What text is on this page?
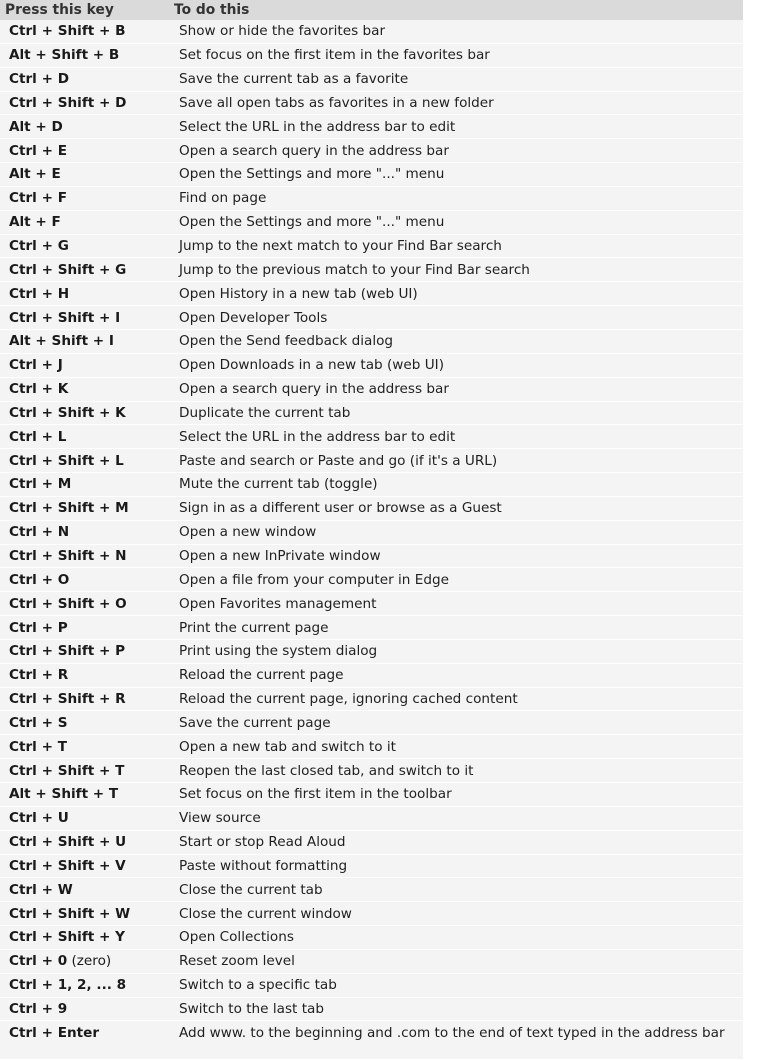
Press this key	To do this
Ctrl + Shift + B	Show or hide the favorites bar
Alt + Shift + B	Set focus on the first item in the favorites bar
Ctrl + D	Save the current tab as a favorite
Ctrl + Shift + D	Save all open tabs as favorites in a new folder
Alt + D	Select the URL in the address bar to edit
Ctrl + E	Open a search query in the address bar
Alt + E	Open the Settings and more "..." menu
Ctrl + F	Find on page
Alt + F	Open the Settings and more "..." menu
Ctrl + G	Jump to the next match to your Find Bar search
Ctrl + Shift + G	Jump to the previous match to your Find Bar search
Ctrl + H	Open History in a new tab (web UI)
Ctrl + Shift + I	Open Developer Tools
Alt + Shift + I	Open the Send feedback dialog
Ctrl + J	Open Downloads in a new tab (web UI)
Ctrl + K	Open a search query in the address bar
Ctrl + Shift + K	Duplicate the current tab
Ctrl + L	Select the URL in the address bar to edit
Ctrl + Shift + L	Paste and search or Paste and go (if it's a URL)
Ctrl + M	Mute the current tab (toggle)
Ctrl + Shift + M	Sign in as a different user or browse as a Guest
Ctrl + N	Open a new window
Ctrl + Shift + N	Open a new InPrivate window
Ctrl + O	Open a file from your computer in Edge
Ctrl + Shift + O	Open Favorites management
Ctrl + P	Print the current page
Ctrl + Shift + P	Print using the system dialog
Ctrl + R	Reload the current page
Ctrl + Shift + R	Reload the current page, ignoring cached content
Ctrl + S	Save the current page
Ctrl + T	Open a new tab and switch to it
Ctrl + Shift + T	Reopen the last closed tab, and switch to it
Alt + Shift + T	Set focus on the first item in the toolbar
Ctrl + U	View source
Ctrl + Shift + U	Start or stop Read Aloud
Ctrl + Shift + V	Paste without formatting
Ctrl + W	Close the current tab
Ctrl + Shift + W	Close the current window
Ctrl + Shift + Y	Open Collections
Ctrl + 0 (zero)	Reset zoom level
Ctrl + 1, 2, ... 8	Switch to a specific tab
Ctrl + 9	Switch to the last tab
Ctrl + Enter	Add www. to the beginning and .com to the end of text typed in the address bar
